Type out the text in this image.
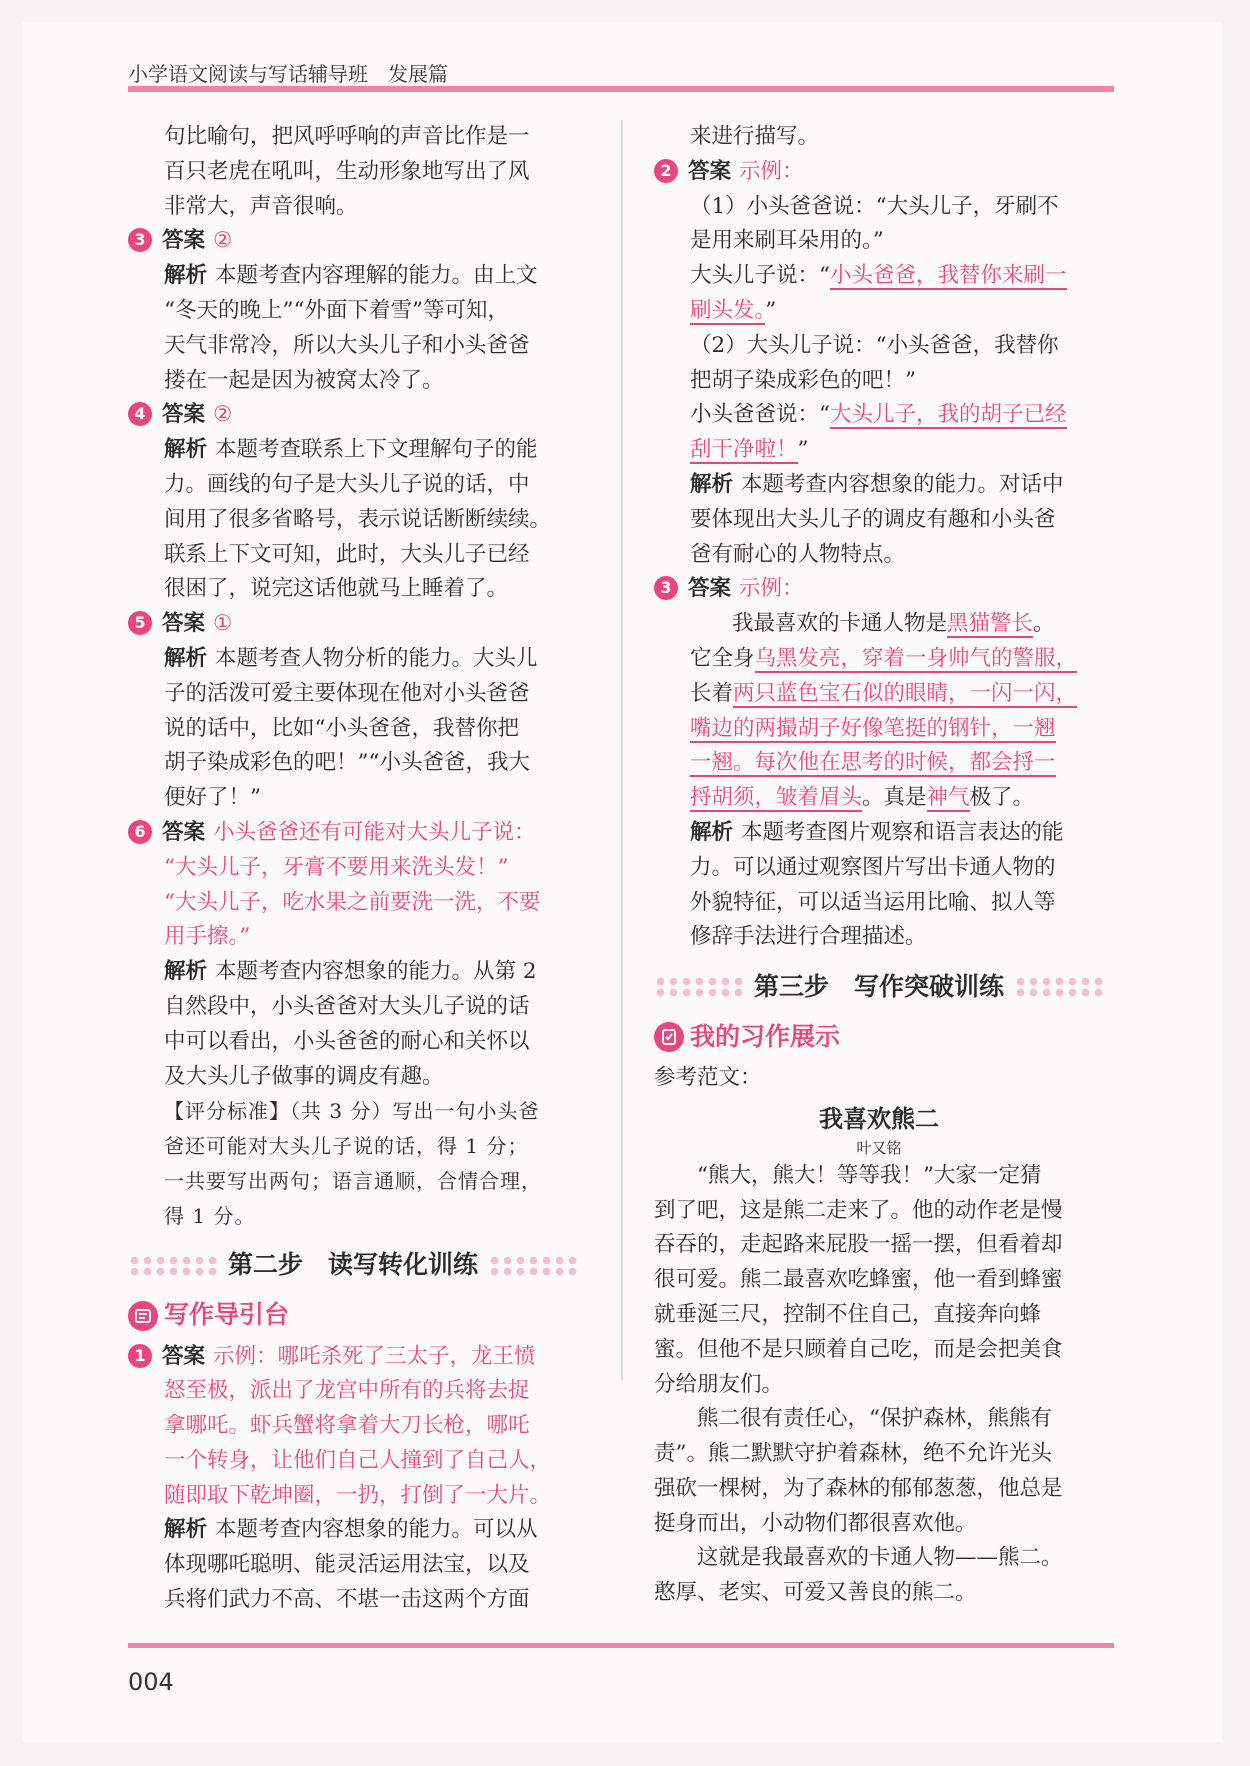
小学语文阅读与写话辅导班　发展篇
句比喻句，把风呼呼响的声音比作是一
百只老虎在吼叫，生动形象地写出了风
非常大，声音很响。
3 答案 ②
解析 本题考查内容理解的能力。由上文
“冬天的晚上”“外面下着雪”等可知，
天气非常冷，所以大头儿子和小头爸爸
搂在一起是因为被窝太冷了。
4 答案 ②
解析 本题考查联系上下文理解句子的能
力。画线的句子是大头儿子说的话，中
间用了很多省略号，表示说话断断续续。
联系上下文可知，此时，大头儿子已经
很困了，说完这话他就马上睡着了。
5 答案 ①
解析 本题考查人物分析的能力。大头儿
子的活泼可爱主要体现在他对小头爸爸
说的话中，比如“小头爸爸，我替你把
胡子染成彩色的吧！”“小头爸爸，我大
便好了！”
6 答案 小头爸爸还有可能对大头儿子说：
“大头儿子，牙膏不要用来洗头发！”
“大头儿子，吃水果之前要洗一洗，不要
用手擦。”
解析 本题考查内容想象的能力。从第 2
自然段中，小头爸爸对大头儿子说的话
中可以看出，小头爸爸的耐心和关怀以
及大头儿子做事的调皮有趣。
【评分标准】（共 3 分）写出一句小头爸
爸还可能对大头儿子说的话，得 1 分；
一共要写出两句；语言通顺，合情合理，
得 1 分。
第二步　读写转化训练
写作导引台
1 答案 示例：哪吒杀死了三太子，龙王愤
怒至极，派出了龙宫中所有的兵将去捉
拿哪吒。虾兵蟹将拿着大刀长枪，哪吒
一个转身，让他们自己人撞到了自己人，
随即取下乾坤圈，一扔，打倒了一大片。
解析 本题考查内容想象的能力。可以从
体现哪吒聪明、能灵活运用法宝，以及
兵将们武力不高、不堪一击这两个方面
来进行描写。
2 答案 示例：
（1）小头爸爸说：“大头儿子，牙刷不
是用来刷耳朵用的。”
大头儿子说：“小头爸爸，我替你来刷一
刷头发。”
（2）大头儿子说：“小头爸爸，我替你
把胡子染成彩色的吧！”
小头爸爸说：“大头儿子，我的胡子已经
刮干净啦！”
解析 本题考查内容想象的能力。对话中
要体现出大头儿子的调皮有趣和小头爸
爸有耐心的人物特点。
3 答案 示例：
我最喜欢的卡通人物是黑猫警长。
它全身乌黑发亮，穿着一身帅气的警服，
长着两只蓝色宝石似的眼睛，一闪一闪，
嘴边的两撮胡子好像笔挺的钢针，一翘
一翘。每次他在思考的时候，都会捋一
捋胡须，皱着眉头。真是神气极了。
解析 本题考查图片观察和语言表达的能
力。可以通过观察图片写出卡通人物的
外貌特征，可以适当运用比喻、拟人等
修辞手法进行合理描述。
第三步　写作突破训练
我的习作展示
参考范文：
我喜欢熊二
叶又铭
“熊大，熊大！等等我！”大家一定猜
到了吧，这是熊二走来了。他的动作老是慢
吞吞的，走起路来屁股一摇一摆，但看着却
很可爱。熊二最喜欢吃蜂蜜，他一看到蜂蜜
就垂涎三尺，控制不住自己，直接奔向蜂
蜜。但他不是只顾着自己吃，而是会把美食
分给朋友们。
熊二很有责任心，“保护森林，熊熊有
责”。熊二默默守护着森林，绝不允许光头
强砍一棵树，为了森林的郁郁葱葱，他总是
挺身而出，小动物们都很喜欢他。
这就是我最喜欢的卡通人物——熊二。
憨厚、老实、可爱又善良的熊二。
004
